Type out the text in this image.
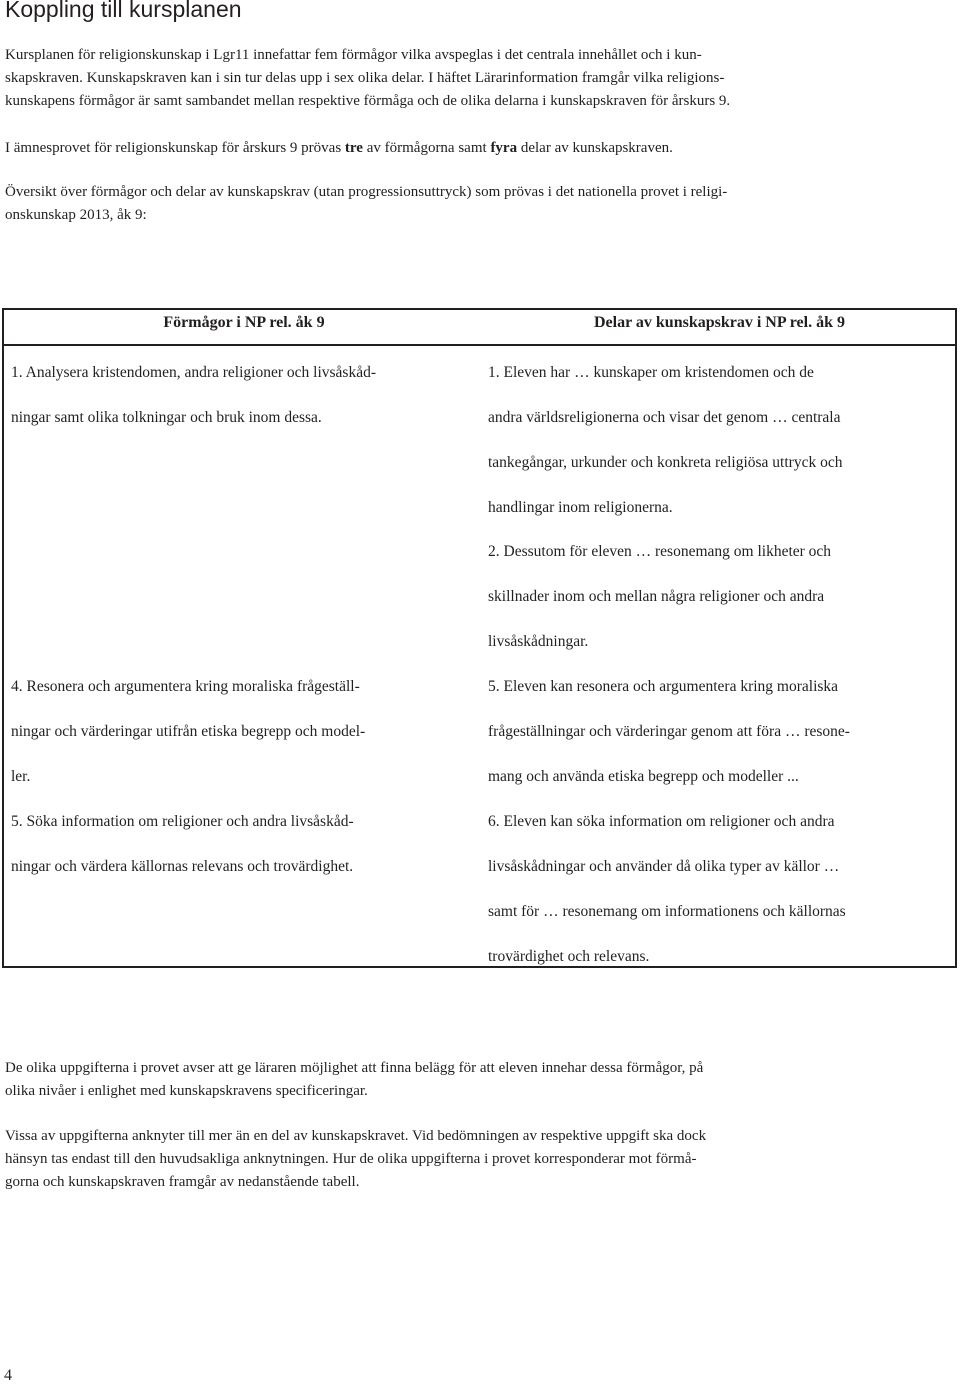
Koppling till kursplanen

Kursplanen för religionskunskap i Lgr11 innefattar fem förmågor vilka avspeglas i det centrala innehållet och i kun-
skapskraven. Kunskapskraven kan i sin tur delas upp i sex olika delar. I häftet Lärarinformation framgår vilka religions-
kunskapens förmågor är samt sambandet mellan respektive förmåga och de olika delarna i kunskapskraven för årskurs 9.

I ämnesprovet för religionskunskap för årskurs 9 prövas tre av förmågorna samt fyra delar av kunskapskraven.

Översikt över förmågor och delar av kunskapskrav (utan progressionsuttryck) som prövas i det nationella provet i religi-
onskunskap 2013, åk 9:

Förmågor i NP rel. åk 9	Delar av kunskapskrav i NP rel. åk 9
1. Analysera kristendomen, andra religioner och livsåskåd-
ningar samt olika tolkningar och bruk inom dessa.
4. Resonera och argumentera kring moraliska frågeställ-
ningar och värderingar utifrån etiska begrepp och model-
ler.
5. Söka information om religioner och andra livsåskåd-
ningar och värdera källornas relevans och trovärdighet.
1. Eleven har … kunskaper om kristendomen och de
andra världsreligionerna och visar det genom … centrala
tankegångar, urkunder och konkreta religiösa uttryck och
handlingar inom religionerna.
2. Dessutom för eleven … resonemang om likheter och
skillnader inom och mellan några religioner och andra
livsåskådningar.
5. Eleven kan resonera och argumentera kring moraliska
frågeställningar och värderingar genom att föra … resone-
mang och använda etiska begrepp och modeller ...
6. Eleven kan söka information om religioner och andra
livsåskådningar och använder då olika typer av källor …
samt för … resonemang om informationens och källornas
trovärdighet och relevans.

De olika uppgifterna i provet avser att ge läraren möjlighet att finna belägg för att eleven innehar dessa förmågor, på
olika nivåer i enlighet med kunskapskravens specificeringar.

Vissa av uppgifterna anknyter till mer än en del av kunskapskravet. Vid bedömningen av respektive uppgift ska dock
hänsyn tas endast till den huvudsakliga anknytningen. Hur de olika uppgifterna i provet korresponderar mot förmå-
gorna och kunskapskraven framgår av nedanstående tabell.

4
